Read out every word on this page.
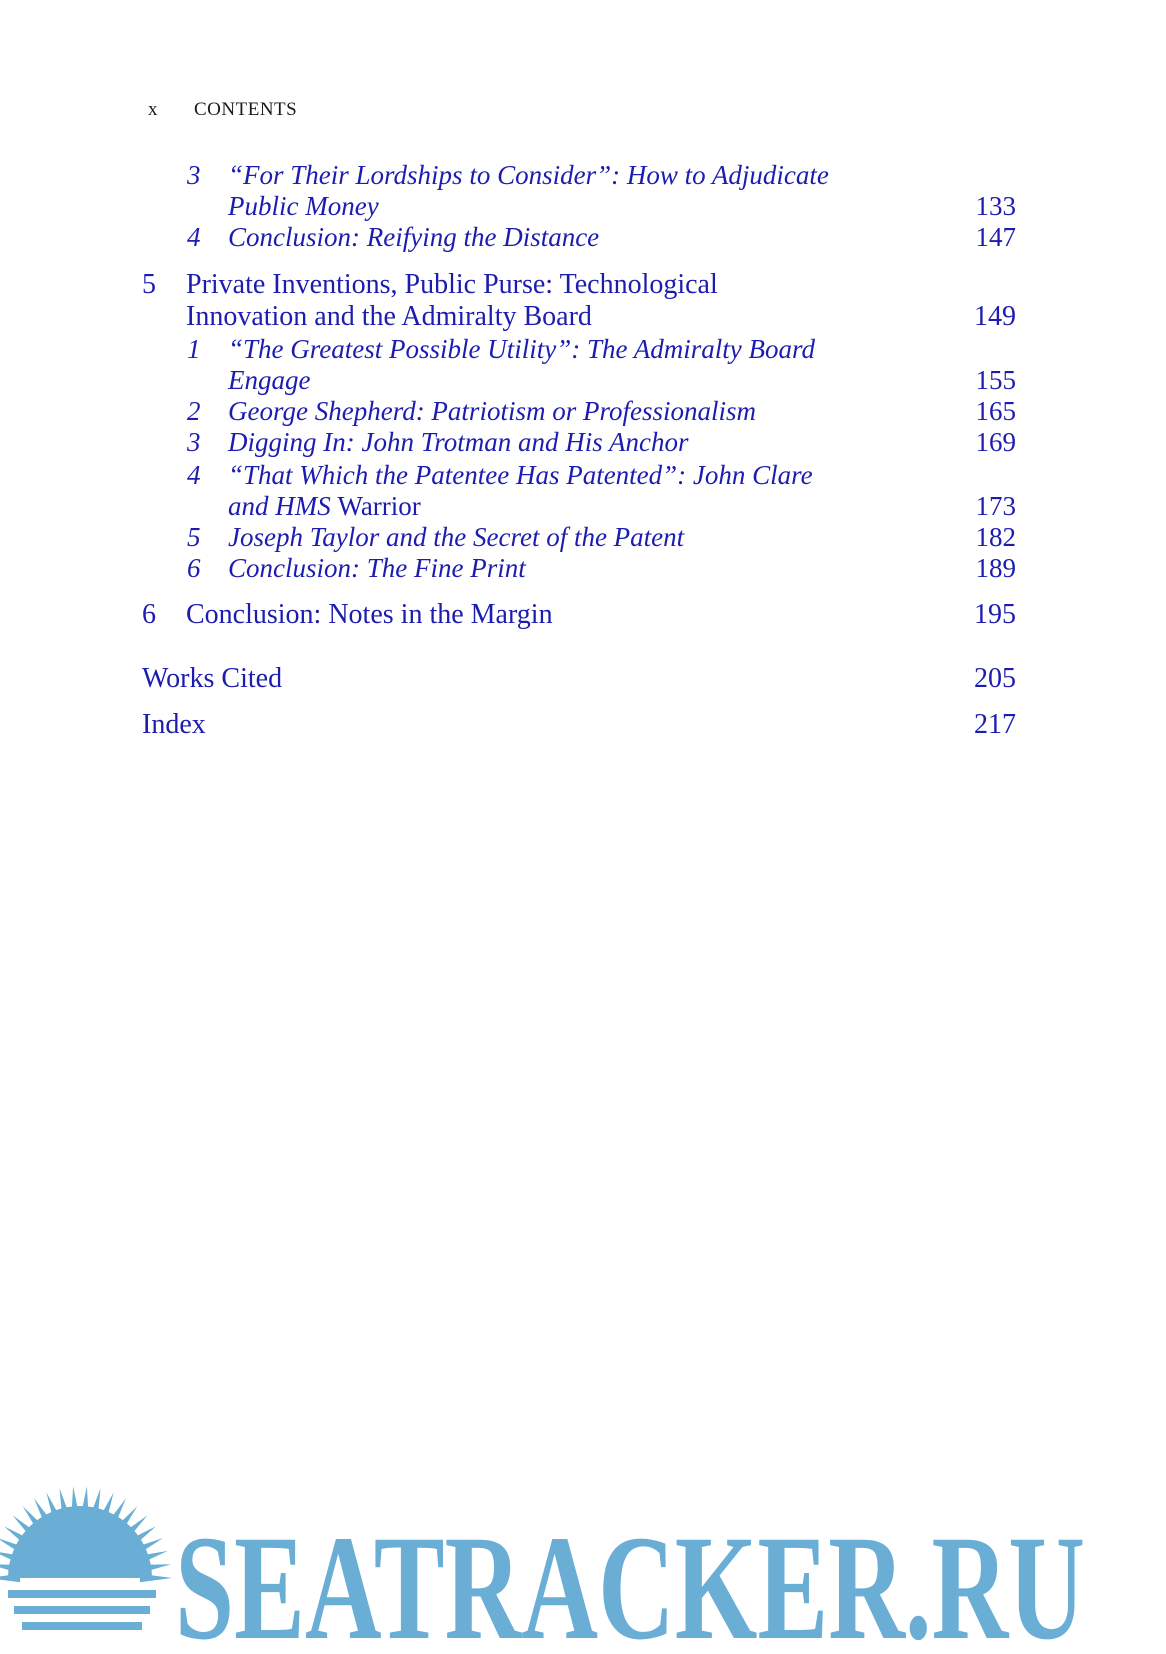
x CONTENTS
3 “For Their Lordships to Consider”: How to Adjudicate
Public Money	133
4 Conclusion: Reifying the Distance	147
5 Private Inventions, Public Purse: Technological
Innovation and the Admiralty Board	149
1 “The Greatest Possible Utility”: The Admiralty Board
Engage	155
2 George Shepherd: Patriotism or Professionalism	165
3 Digging In: John Trotman and His Anchor	169
4 “That Which the Patentee Has Patented”: John Clare
and HMS Warrior	173
5 Joseph Taylor and the Secret of the Patent	182
6 Conclusion: The Fine Print	189
6 Conclusion: Notes in the Margin	195
Works Cited	205
Index	217
SEATRACKER.RU
